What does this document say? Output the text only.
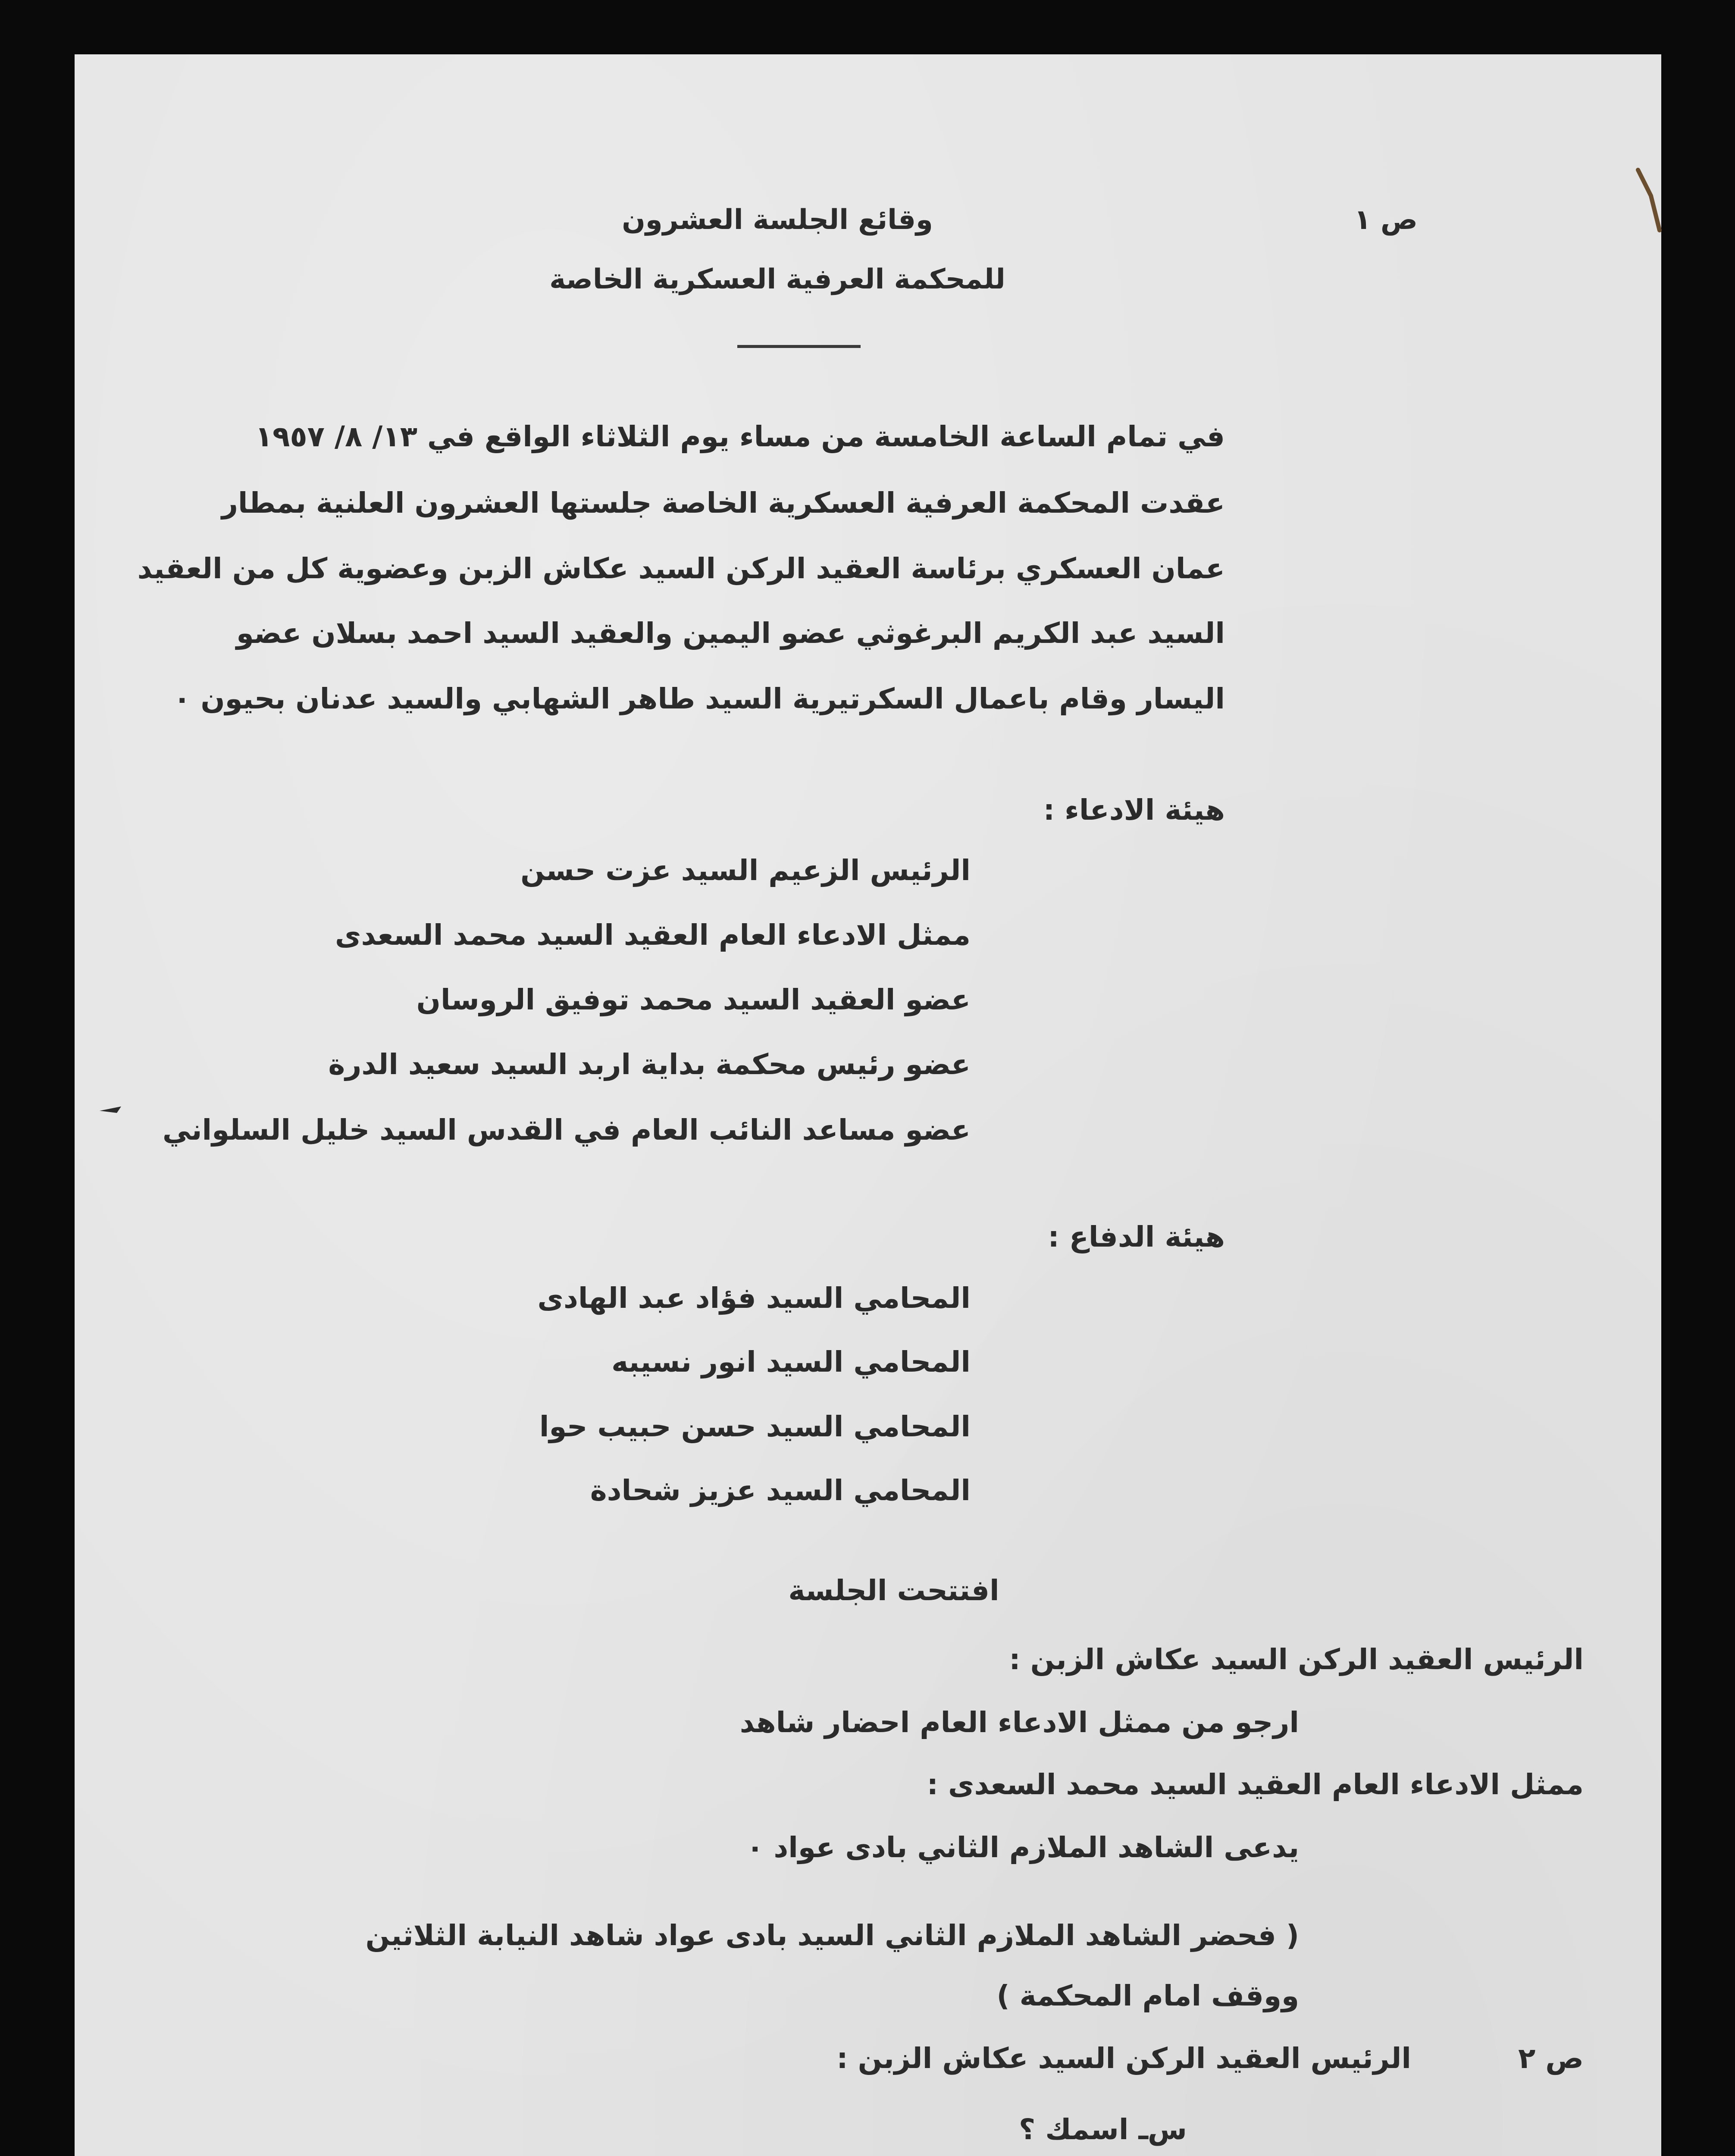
ص ١
وقائع الجلسة العشرون
للمحكمة العرفية العسكرية الخاصة
في تمام الساعة الخامسة من مساء يوم الثلاثاء الواقع في ١٣/ ٨/ ١٩٥٧
عقدت المحكمة العرفية العسكرية الخاصة جلستها العشرون العلنية بمطار
عمان العسكري برئاسة العقيد الركن السيد عكاش الزبن وعضوية كل من العقيد
السيد عبد الكريم البرغوثي عضو اليمين والعقيد السيد احمد بسلان عضو
اليسار وقام باعمال السكرتيرية السيد طاهر الشهابي والسيد عدنان بحيون ٠
هيئة الادعاء :
الرئيس الزعيم السيد عزت حسن
ممثل الادعاء العام العقيد السيد محمد السعدى
عضو العقيد السيد محمد توفيق الروسان
عضو رئيس محكمة بداية اربد السيد سعيد الدرة
عضو مساعد النائب العام في القدس السيد خليل السلواني
هيئة الدفاع :
المحامي السيد فؤاد عبد الهادى
المحامي السيد انور نسيبه
المحامي السيد حسن حبيب حوا
المحامي السيد عزيز شحادة
افتتحت الجلسة
الرئيس العقيد الركن السيد عكاش الزبن :
ارجو من ممثل الادعاء العام احضار شاهد
ممثل الادعاء العام العقيد السيد محمد السعدى :
يدعى الشاهد الملازم الثاني بادى عواد ٠
( فحضر الشاهد الملازم الثاني السيد بادى عواد شاهد النيابة الثلاثين
ووقف امام المحكمة )
ص ٢
الرئيس العقيد الركن السيد عكاش الزبن :
س
ـ اسمك ؟
